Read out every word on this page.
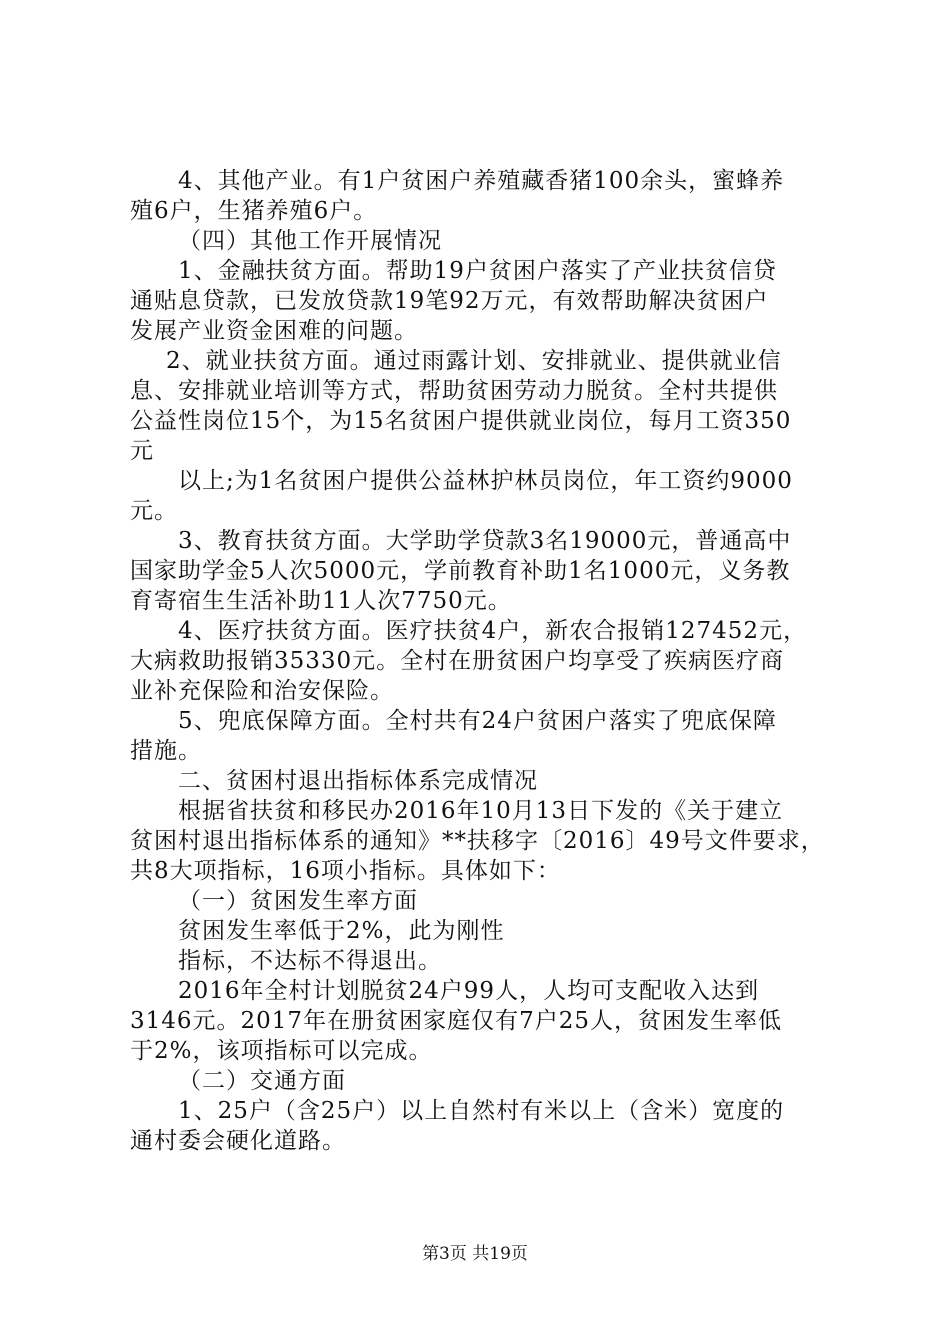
4、其他产业。有1户贫困户养殖藏香猪100余头，蜜蜂养
殖6户，生猪养殖6户。
（四）其他工作开展情况
1、金融扶贫方面。帮助19户贫困户落实了产业扶贫信贷
通贴息贷款，已发放贷款19笔92万元，有效帮助解决贫困户
发展产业资金困难的问题。
2、就业扶贫方面。通过雨露计划、安排就业、提供就业信
息、安排就业培训等方式，帮助贫困劳动力脱贫。全村共提供
公益性岗位15个，为15名贫困户提供就业岗位，每月工资350
元
以上;为1名贫困户提供公益林护林员岗位，年工资约9000
元。
3、教育扶贫方面。大学助学贷款3名19000元，普通高中
国家助学金5人次5000元，学前教育补助1名1000元，义务教
育寄宿生生活补助11人次7750元。
4、医疗扶贫方面。医疗扶贫4户，新农合报销127452元，
大病救助报销35330元。全村在册贫困户均享受了疾病医疗商
业补充保险和治安保险。
5、兜底保障方面。全村共有24户贫困户落实了兜底保障
措施。
二、贫困村退出指标体系完成情况
根据省扶贫和移民办2016年10月13日下发的《关于建立
贫困村退出指标体系的通知》**扶移字〔2016〕49号文件要求，
共8大项指标，16项小指标。具体如下：
（一）贫困发生率方面
贫困发生率低于2%，此为刚性
指标，不达标不得退出。
2016年全村计划脱贫24户99人，人均可支配收入达到
3146元。2017年在册贫困家庭仅有7户25人，贫困发生率低
于2%，该项指标可以完成。
（二）交通方面
1、25户（含25户）以上自然村有米以上（含米）宽度的
通村委会硬化道路。
第3页 共19页
